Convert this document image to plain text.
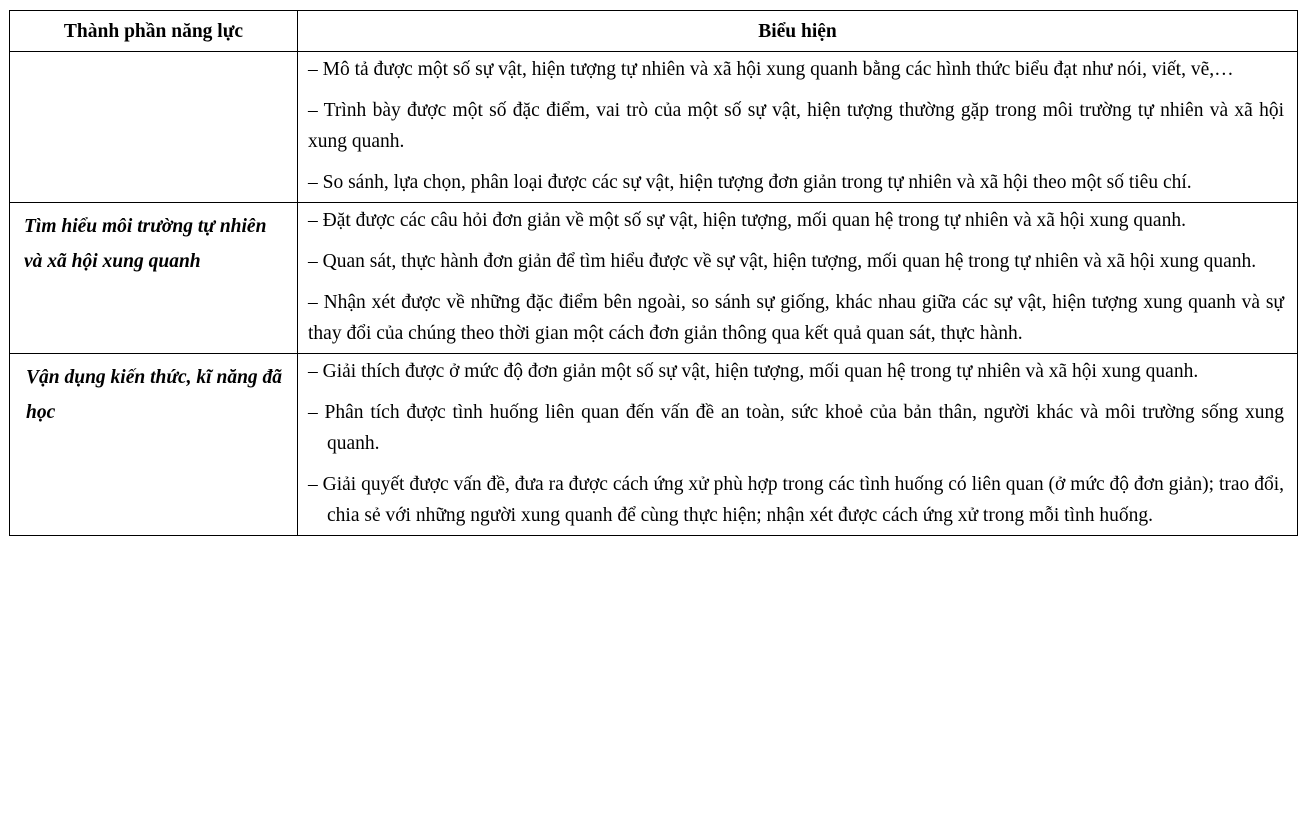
Thành phần năng lực	Biểu hiện

	– Mô tả được một số sự vật, hiện tượng tự nhiên và xã hội xung quanh bằng các hình thức biểu đạt như nói, viết, vẽ,…

– Trình bày được một số đặc điểm, vai trò của một số sự vật, hiện tượng thường gặp trong môi trường tự nhiên và xã hội xung quanh.

– So sánh, lựa chọn, phân loại được các sự vật, hiện tượng đơn giản trong tự nhiên và xã hội theo một số tiêu chí.

Tìm hiểu môi trường tự nhiên và xã hội xung quanh	– Đặt được các câu hỏi đơn giản về một số sự vật, hiện tượng, mối quan hệ trong tự nhiên và xã hội xung quanh.

– Quan sát, thực hành đơn giản để tìm hiểu được về sự vật, hiện tượng, mối quan hệ trong tự nhiên và xã hội xung quanh.

– Nhận xét được về những đặc điểm bên ngoài, so sánh sự giống, khác nhau giữa các sự vật, hiện tượng xung quanh và sự thay đổi của chúng theo thời gian một cách đơn giản thông qua kết quả quan sát, thực hành.

Vận dụng kiến thức, kĩ năng đã học	– Giải thích được ở mức độ đơn giản một số sự vật, hiện tượng, mối quan hệ trong tự nhiên và xã hội xung quanh.

– Phân tích được tình huống liên quan đến vấn đề an toàn, sức khoẻ của bản thân, người khác và môi trường sống xung quanh.

– Giải quyết được vấn đề, đưa ra được cách ứng xử phù hợp trong các tình huống có liên quan (ở mức độ đơn giản); trao đổi, chia sẻ với những người xung quanh để cùng thực hiện; nhận xét được cách ứng xử trong mỗi tình huống.
